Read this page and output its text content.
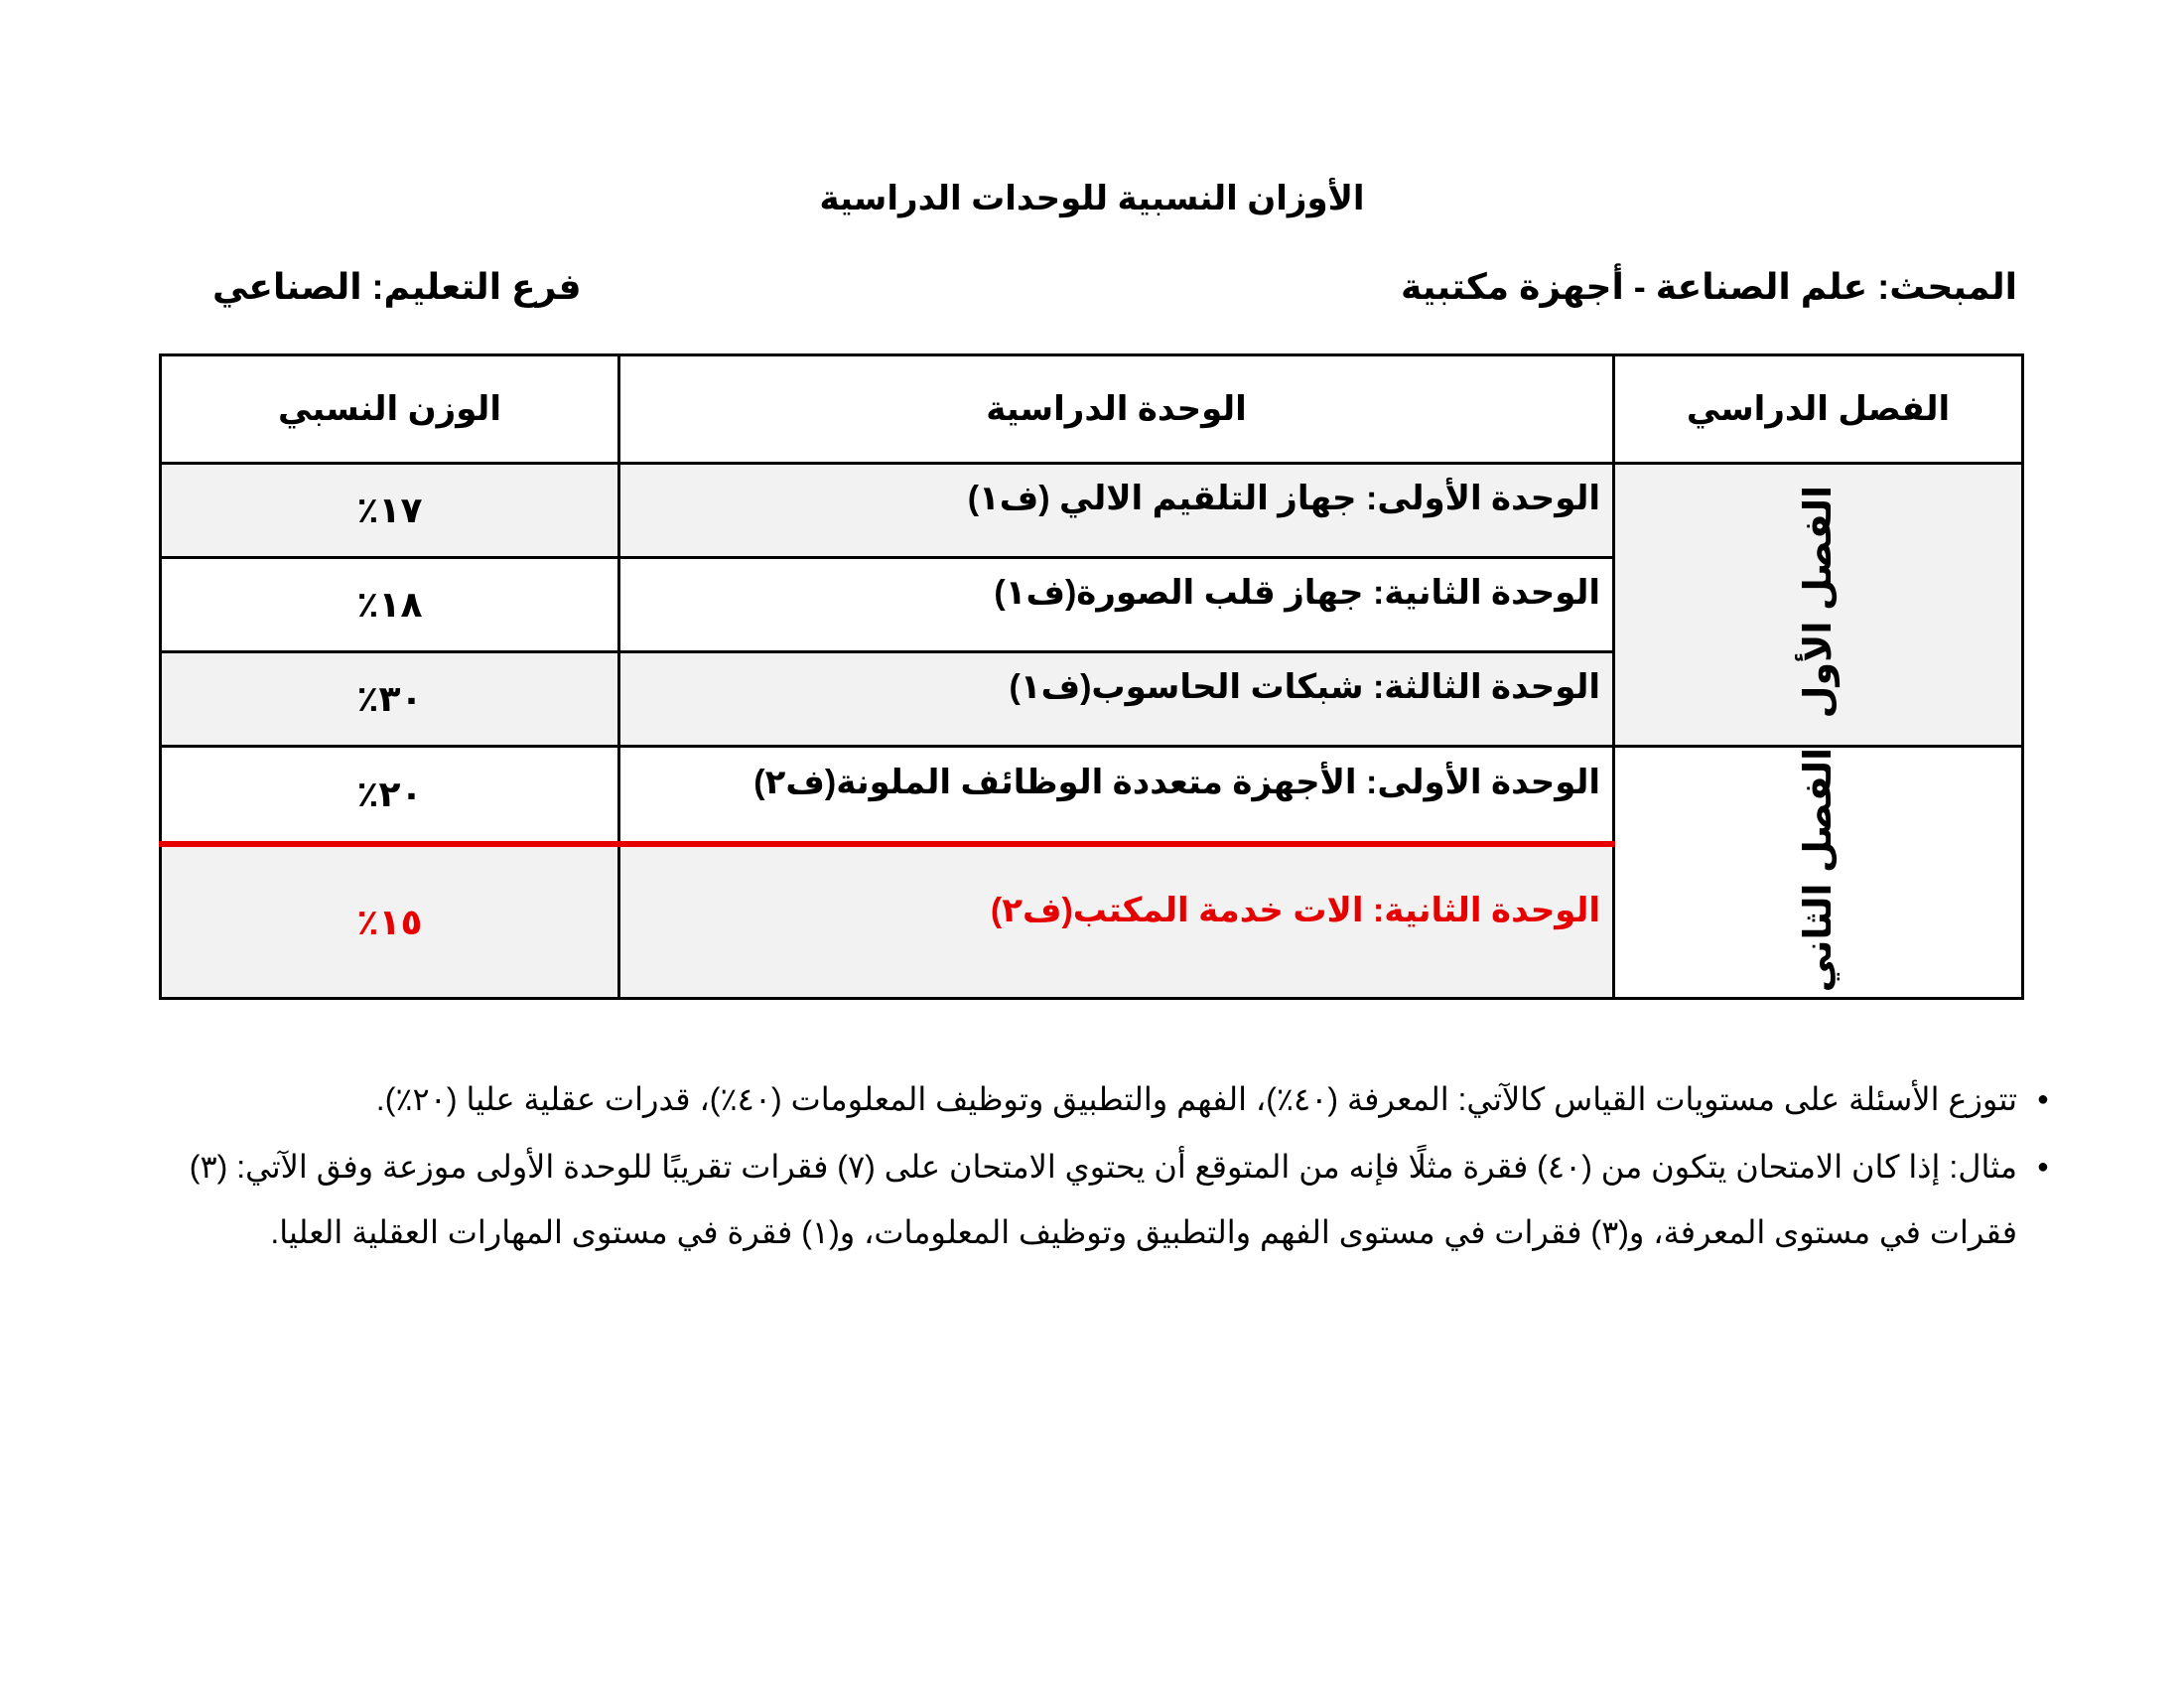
الأوزان النسبية للوحدات الدراسية
المبحث: علم الصناعة - أجهزة مكتبية
فرع التعليم: الصناعي
الفصل الدراسي	الوحدة الدراسية	الوزن النسبي
الفصل الأول	الوحدة الأولى: جهاز التلقيم الالي (ف١)	١٧٪
	الوحدة الثانية: جهاز قلب الصورة(ف١)	١٨٪
	الوحدة الثالثة: شبكات الحاسوب(ف١)	٣٠٪
الفصل الثاني	الوحدة الأولى: الأجهزة متعددة الوظائف الملونة(ف٢)	٢٠٪
	الوحدة الثانية: الات خدمة المكتب(ف٢)	١٥٪
● تتوزع الأسئلة على مستويات القياس كالآتي: المعرفة (٤٠٪)، الفهم والتطبيق وتوظيف المعلومات (٤٠٪)، قدرات عقلية عليا (٢٠٪).
● مثال: إذا كان الامتحان يتكون من (٤٠) فقرة مثلًا فإنه من المتوقع أن يحتوي الامتحان على (٧) فقرات تقريبًا للوحدة الأولى موزعة وفق الآتي: (٣) فقرات في مستوى المعرفة، و(٣) فقرات في مستوى الفهم والتطبيق وتوظيف المعلومات، و(١) فقرة في مستوى المهارات العقلية العليا.
